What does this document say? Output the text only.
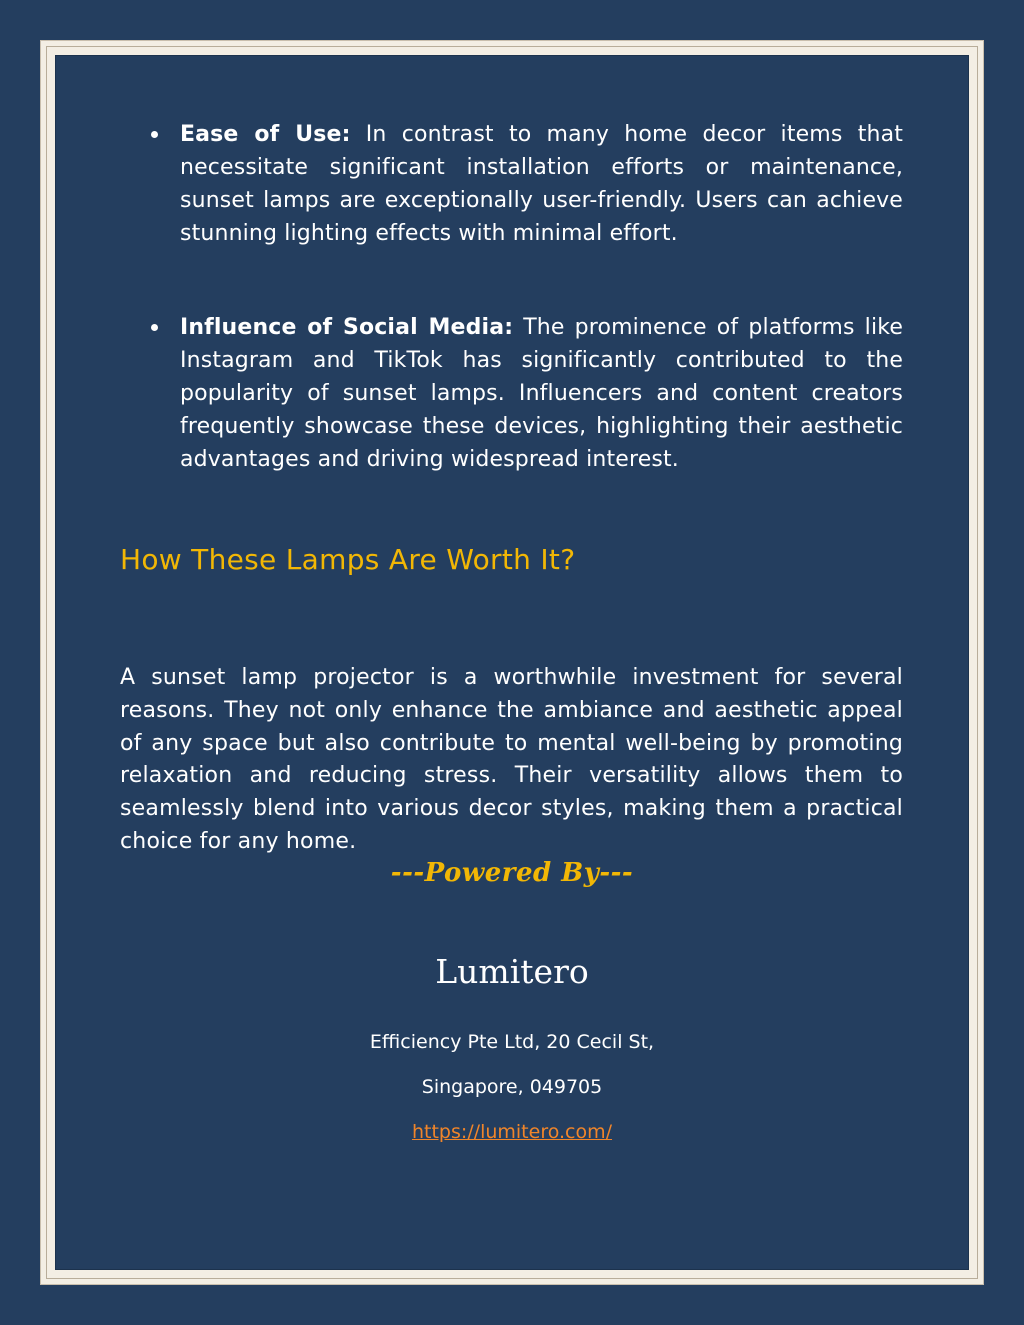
Ease of Use: In contrast to many home decor items that necessitate significant installation efforts or maintenance, sunset lamps are exceptionally user-friendly. Users can achieve stunning lighting effects with minimal effort.
Influence of Social Media: The prominence of platforms like Instagram and TikTok has significantly contributed to the popularity of sunset lamps. Influencers and content creators frequently showcase these devices, highlighting their aesthetic advantages and driving widespread interest.
How These Lamps Are Worth It?

A sunset lamp projector is a worthwhile investment for several reasons. They not only enhance the ambiance and aesthetic appeal of any space but also contribute to mental well-being by promoting relaxation and reducing stress. Their versatility allows them to seamlessly blend into various decor styles, making them a practical choice for any home.

---Powered By---
Lumitero
Efficiency Pte Ltd, 20 Cecil St,
Singapore, 049705
https://lumitero.com/
